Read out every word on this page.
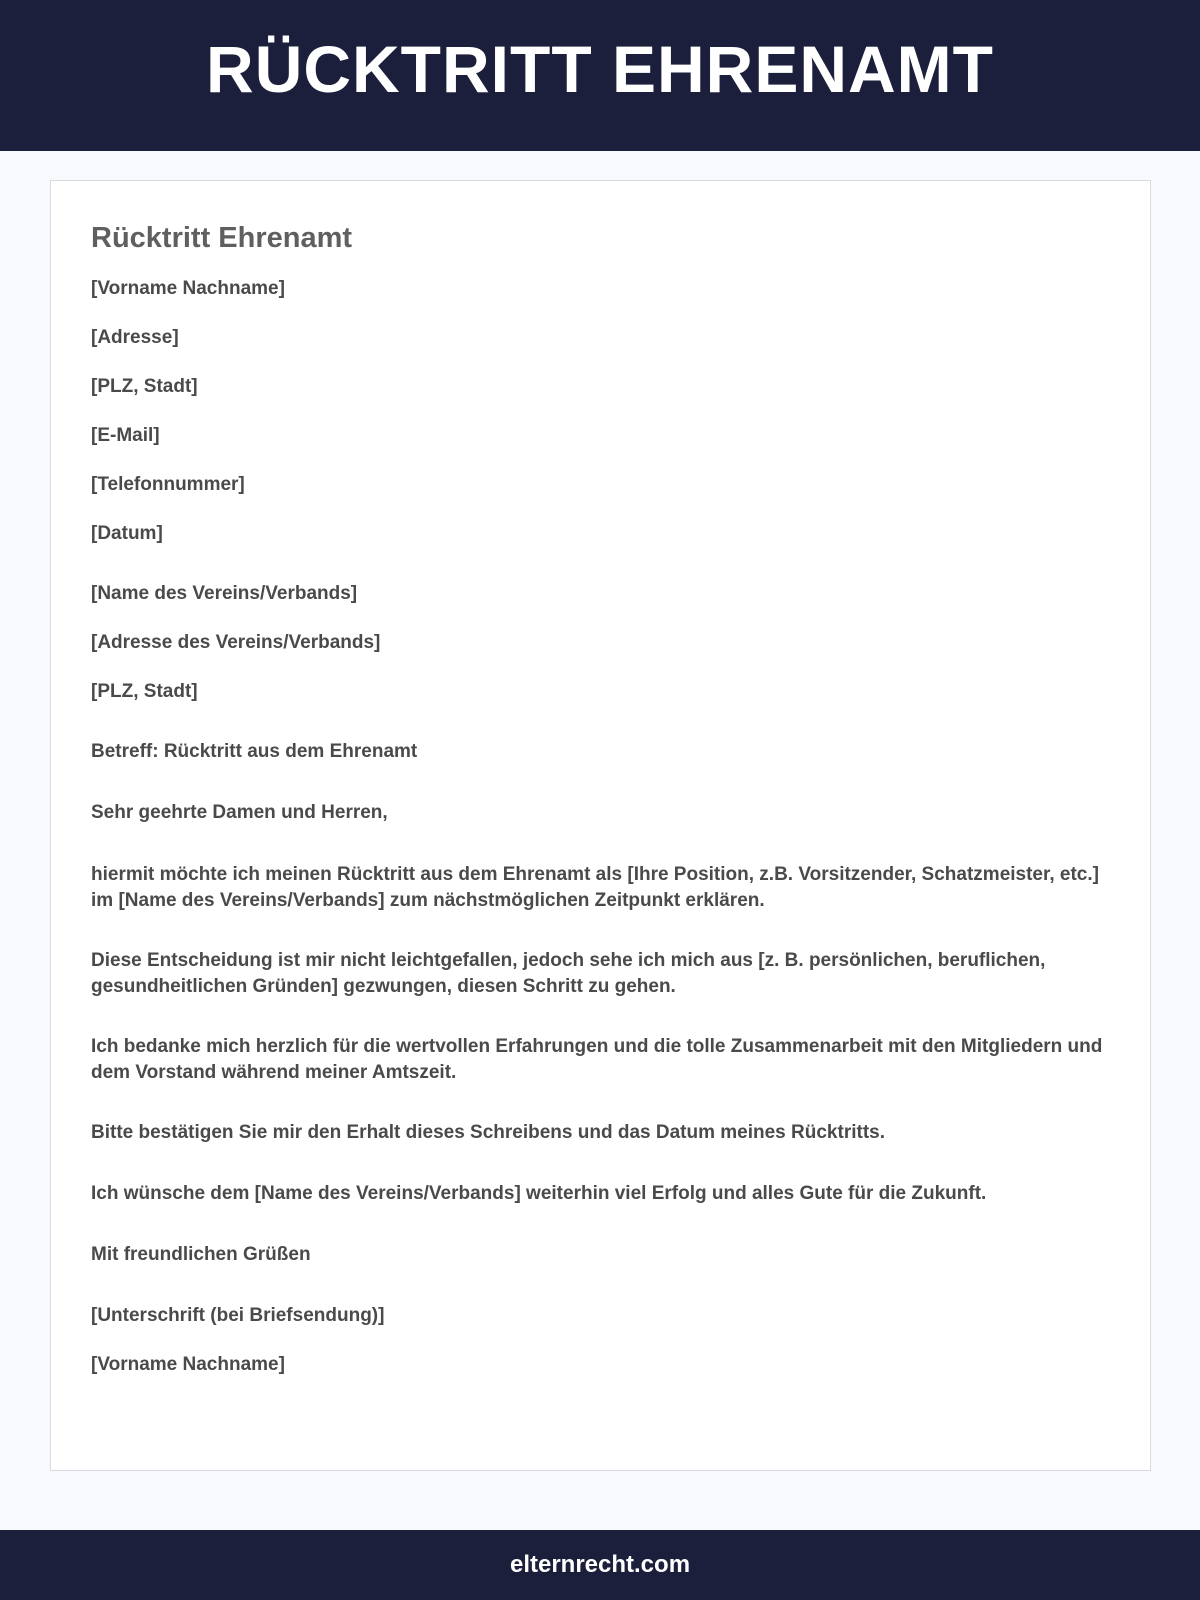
RÜCKTRITT EHRENAMT
Rücktritt Ehrenamt
[Vorname Nachname]
[Adresse]
[PLZ, Stadt]
[E-Mail]
[Telefonnummer]
[Datum]
[Name des Vereins/Verbands]
[Adresse des Vereins/Verbands]
[PLZ, Stadt]
Betreff: Rücktritt aus dem Ehrenamt
Sehr geehrte Damen und Herren,
hiermit möchte ich meinen Rücktritt aus dem Ehrenamt als [Ihre Position, z.B. Vorsitzender, Schatzmeister, etc.] im [Name des Vereins/Verbands] zum nächstmöglichen Zeitpunkt erklären.
Diese Entscheidung ist mir nicht leichtgefallen, jedoch sehe ich mich aus [z. B. persönlichen, beruflichen, gesundheitlichen Gründen] gezwungen, diesen Schritt zu gehen.
Ich bedanke mich herzlich für die wertvollen Erfahrungen und die tolle Zusammenarbeit mit den Mitgliedern und dem Vorstand während meiner Amtszeit.
Bitte bestätigen Sie mir den Erhalt dieses Schreibens und das Datum meines Rücktritts.
Ich wünsche dem [Name des Vereins/Verbands] weiterhin viel Erfolg und alles Gute für die Zukunft.
Mit freundlichen Grüßen
[Unterschrift (bei Briefsendung)]
[Vorname Nachname]
elternrecht.com
